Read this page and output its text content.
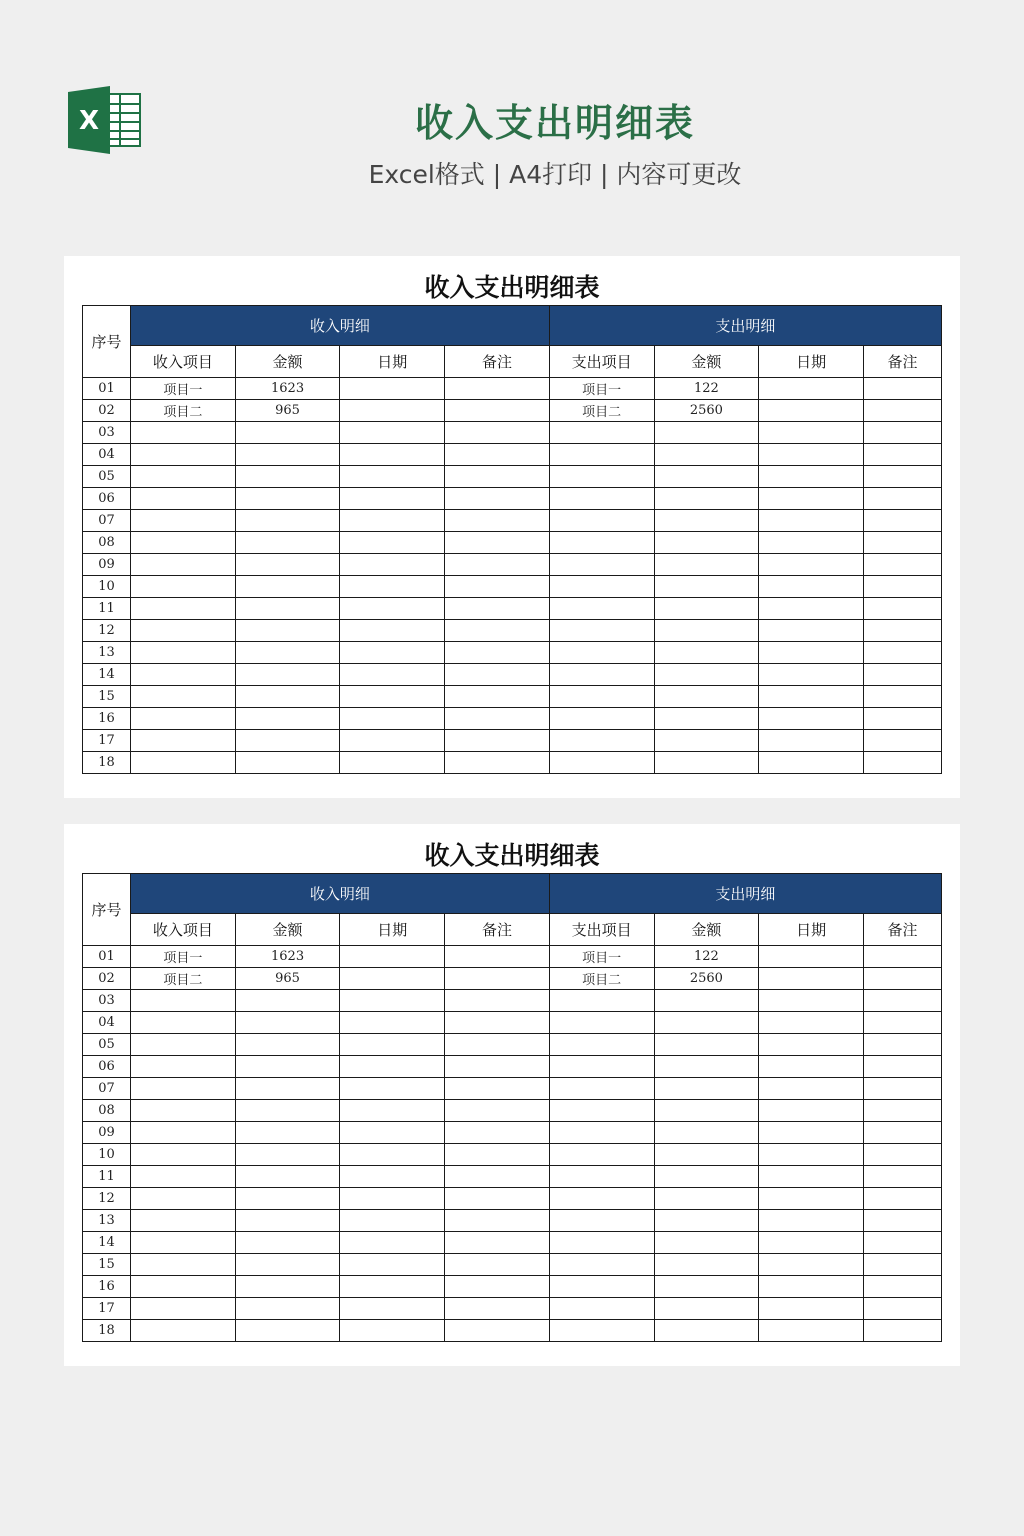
X	收入支出明细表
Excel格式 | A4打印 | 内容可更改
收入支出明细表
序号	收入明细				支出明细			
	收入项目	金额	日期	备注	支出项目	金额	日期	备注
01	项目一	1623			项目一	122		
02	项目二	965			项目二	2560		
03								
04								
05								
06								
07								
08								
09								
10								
11								
12								
13								
14								
15								
16								
17								
18								
收入支出明细表
序号	收入明细				支出明细			
	收入项目	金额	日期	备注	支出项目	金额	日期	备注
01	项目一	1623			项目一	122		
02	项目二	965			项目二	2560		
03								
04								
05								
06								
07								
08								
09								
10								
11								
12								
13								
14								
15								
16								
17								
18								
